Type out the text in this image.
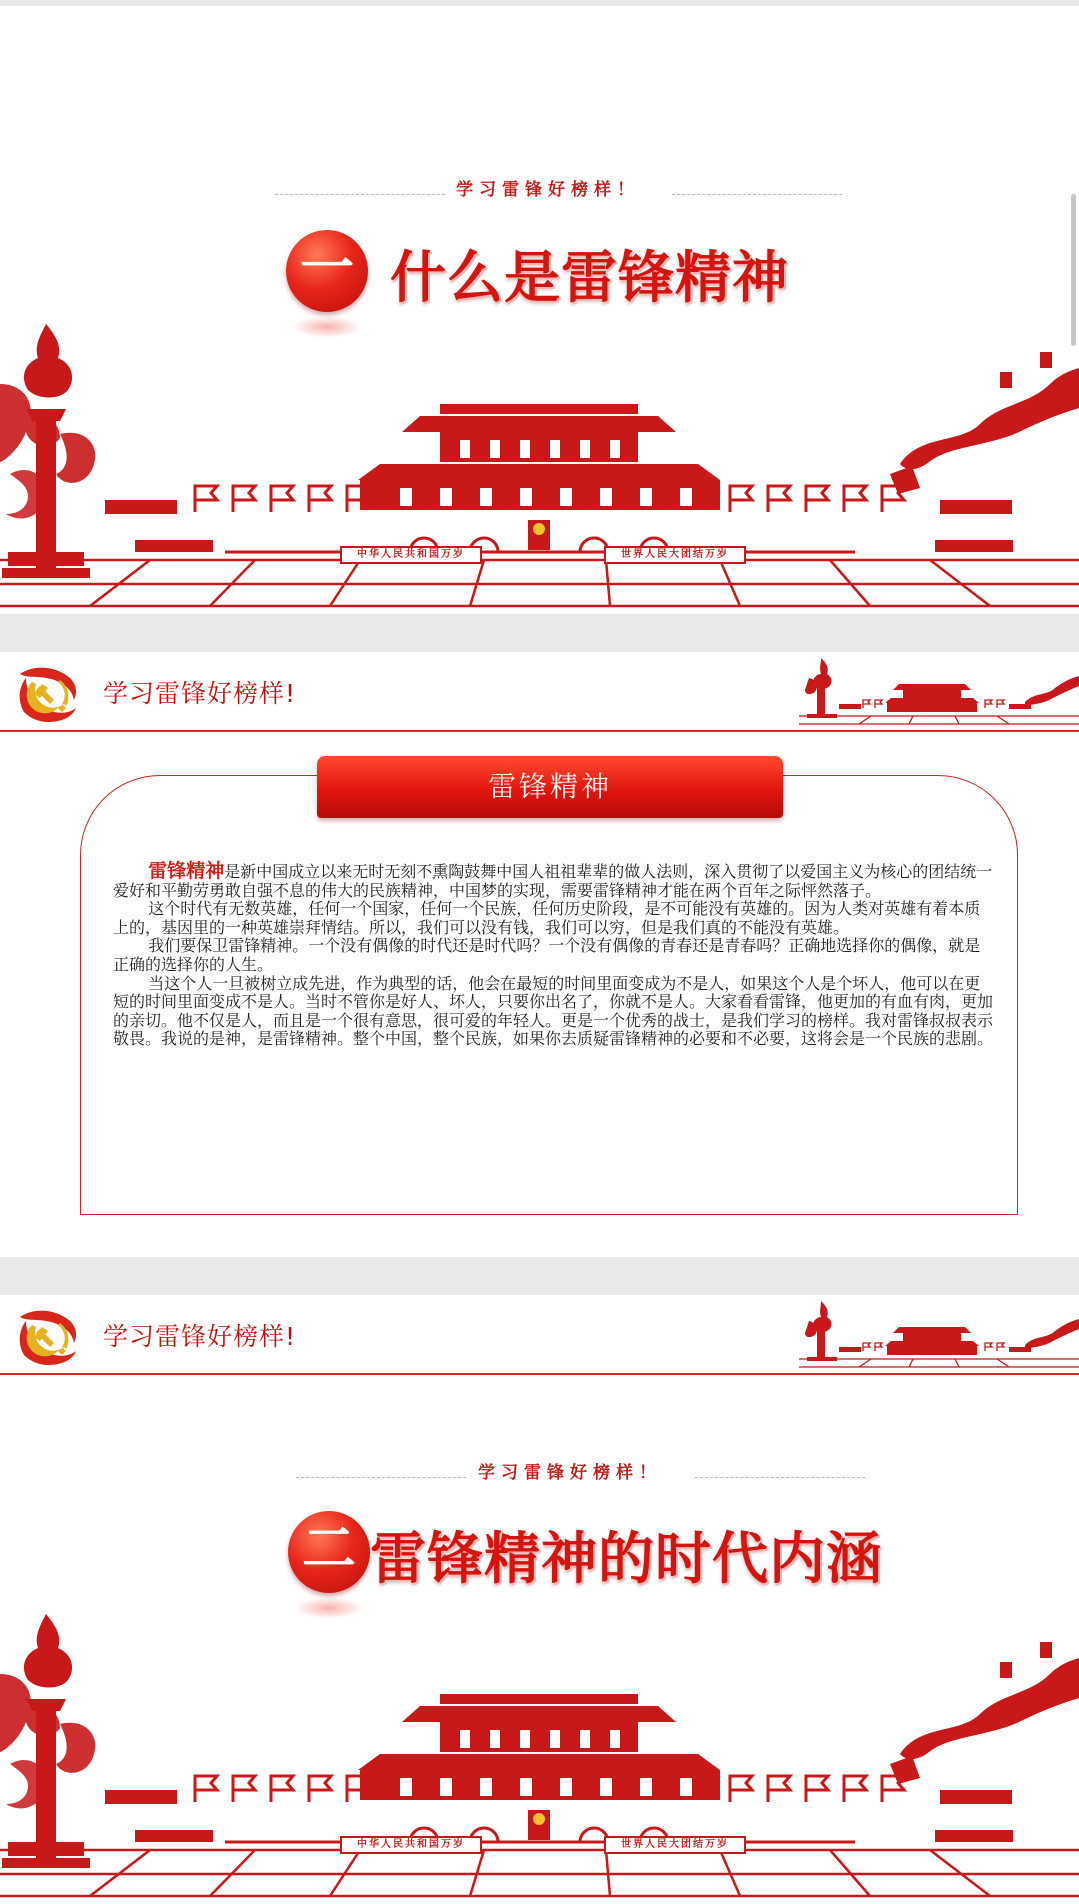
学习雷锋好榜样！
一 什么是雷锋精神
中华人民共和国万岁	世界人民大团结万岁
学习雷锋好榜样!
雷锋精神

雷锋精神是新中国成立以来无时无刻不熏陶鼓舞中国人祖祖辈辈的做人法则，深入贯彻了以爱国主义为核心的团结统一爱好和平勤劳勇敢自强不息的伟大的民族精神，中国梦的实现，需要雷锋精神才能在两个百年之际怦然落子。

这个时代有无数英雄，任何一个国家，任何一个民族，任何历史阶段，是不可能没有英雄的。因为人类对英雄有着本质上的，基因里的一种英雄崇拜情结。所以，我们可以没有钱，我们可以穷，但是我们真的不能没有英雄。

我们要保卫雷锋精神。一个没有偶像的时代还是时代吗？一个没有偶像的青春还是青春吗？正确地选择你的偶像，就是正确的选择你的人生。

当这个人一旦被树立成先进，作为典型的话，他会在最短的时间里面变成为不是人，如果这个人是个坏人，他可以在更短的时间里面变成不是人。当时不管你是好人、坏人，只要你出名了，你就不是人。大家看看雷锋，他更加的有血有肉，更加的亲切。他不仅是人，而且是一个很有意思，很可爱的年轻人。更是一个优秀的战士，是我们学习的榜样。我对雷锋叔叔表示敬畏。我说的是神，是雷锋精神。整个中国，整个民族，如果你去质疑雷锋精神的必要和不必要，这将会是一个民族的悲剧。

学习雷锋好榜样!
学习雷锋好榜样！
二 雷锋精神的时代内涵
中华人民共和国万岁	世界人民大团结万岁
